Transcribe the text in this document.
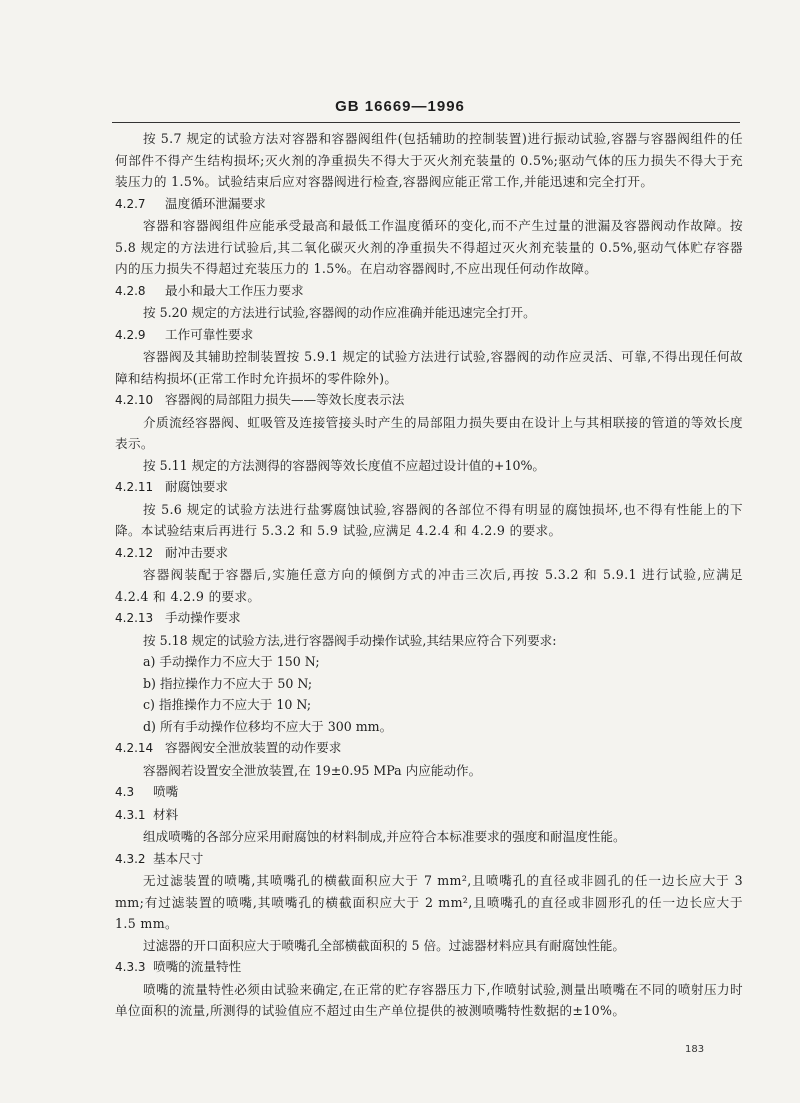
GB 16669—1996

按 5.7 规定的试验方法对容器和容器阀组件(包括辅助的控制装置)进行振动试验,容器与容器阀组件的任何部件不得产生结构损坏;灭火剂的净重损失不得大于灭火剂充装量的 0.5%;驱动气体的压力损失不得大于充装压力的 1.5%。试验结束后应对容器阀进行检查,容器阀应能正常工作,并能迅速和完全打开。

4.2.7 温度循环泄漏要求

容器和容器阀组件应能承受最高和最低工作温度循环的变化,而不产生过量的泄漏及容器阀动作故障。按 5.8 规定的方法进行试验后,其二氧化碳灭火剂的净重损失不得超过灭火剂充装量的 0.5%,驱动气体贮存容器内的压力损失不得超过充装压力的 1.5%。在启动容器阀时,不应出现任何动作故障。

4.2.8 最小和最大工作压力要求

按 5.20 规定的方法进行试验,容器阀的动作应准确并能迅速完全打开。

4.2.9 工作可靠性要求

容器阀及其辅助控制装置按 5.9.1 规定的试验方法进行试验,容器阀的动作应灵活、可靠,不得出现任何故障和结构损坏(正常工作时允许损坏的零件除外)。

4.2.10 容器阀的局部阻力损失——等效长度表示法

介质流经容器阀、虹吸管及连接管接头时产生的局部阻力损失要由在设计上与其相联接的管道的等效长度表示。

按 5.11 规定的方法测得的容器阀等效长度值不应超过设计值的+10%。

4.2.11 耐腐蚀要求

按 5.6 规定的试验方法进行盐雾腐蚀试验,容器阀的各部位不得有明显的腐蚀损坏,也不得有性能上的下降。本试验结束后再进行 5.3.2 和 5.9 试验,应满足 4.2.4 和 4.2.9 的要求。

4.2.12 耐冲击要求

容器阀装配于容器后,实施任意方向的倾倒方式的冲击三次后,再按 5.3.2 和 5.9.1 进行试验,应满足 4.2.4 和 4.2.9 的要求。

4.2.13 手动操作要求

按 5.18 规定的试验方法,进行容器阀手动操作试验,其结果应符合下列要求:

a) 手动操作力不应大于 150 N;

b) 指拉操作力不应大于 50 N;

c) 指推操作力不应大于 10 N;

d) 所有手动操作位移均不应大于 300 mm。

4.2.14 容器阀安全泄放装置的动作要求

容器阀若设置安全泄放装置,在 19±0.95 MPa 内应能动作。

4.3 喷嘴

4.3.1 材料

组成喷嘴的各部分应采用耐腐蚀的材料制成,并应符合本标准要求的强度和耐温度性能。

4.3.2 基本尺寸

无过滤装置的喷嘴,其喷嘴孔的横截面积应大于 7 mm²,且喷嘴孔的直径或非圆孔的任一边长应大于 3 mm;有过滤装置的喷嘴,其喷嘴孔的横截面积应大于 2 mm²,且喷嘴孔的直径或非圆形孔的任一边长应大于 1.5 mm。

过滤器的开口面积应大于喷嘴孔全部横截面积的 5 倍。过滤器材料应具有耐腐蚀性能。

4.3.3 喷嘴的流量特性

喷嘴的流量特性必须由试验来确定,在正常的贮存容器压力下,作喷射试验,测量出喷嘴在不同的喷射压力时单位面积的流量,所测得的试验值应不超过由生产单位提供的被测喷嘴特性数据的±10%。

183
